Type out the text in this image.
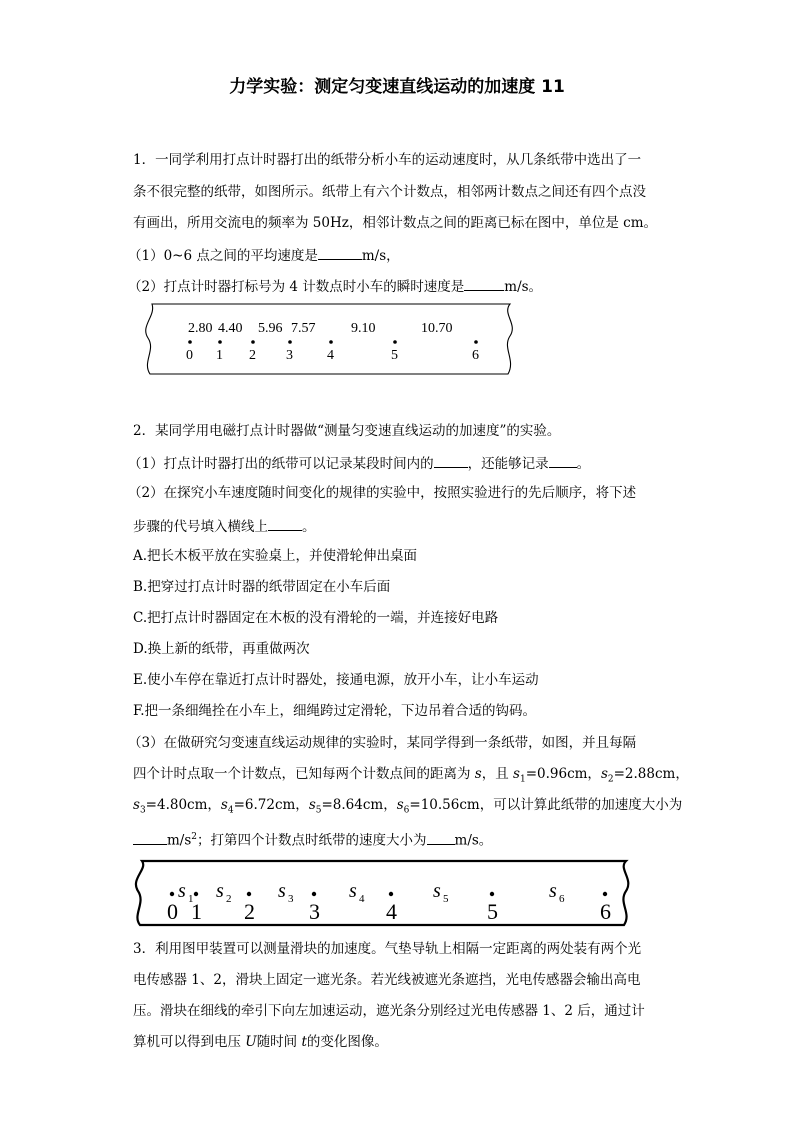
力学实验：测定匀变速直线运动的加速度 11
1．一同学利用打点计时器打出的纸带分析小车的运动速度时，从几条纸带中选出了一
条不很完整的纸带，如图所示。纸带上有六个计数点，相邻两计数点之间还有四个点没
有画出，所用交流电的频率为 50Hz，相邻计数点之间的距离已标在图中，单位是 cm。
（1）0~6 点之间的平均速度是	m/s，
（2）打点计时器打标号为 4 计数点时小车的瞬时速度是	m/s。
2.80 4.40 5.96 7.57	9.10	10.70
0 1 2 3 4	5	6
2．某同学用电磁打点计时器做“测量匀变速直线运动的加速度”的实验。
（1）打点计时器打出的纸带可以记录某段时间内的	，还能够记录 。
（2）在探究小车速度随时间变化的规律的实验中，按照实验进行的先后顺序，将下述
步骤的代号填入横线上	。
A.把长木板平放在实验桌上，并使滑轮伸出桌面
B.把穿过打点计时器的纸带固定在小车后面
C.把打点计时器固定在木板的没有滑轮的一端，并连接好电路
D.换上新的纸带，再重做两次
E.使小车停在靠近打点计时器处，接通电源，放开小车，让小车运动
F.把一条细绳拴在小车上，细绳跨过定滑轮，下边吊着合适的钩码。
（3）在做研究匀变速直线运动规律的实验时，某同学得到一条纸带，如图，并且每隔
四个计时点取一个计数点，已知每两个计数点间的距离为 s，且 $s_1=0.96cm$，$s_2=2.88cm$，
$s_3=4.80cm$，$s_4=6.72cm$，$s_5=8.64cm$，$s_6=10.56cm$，可以计算此纸带的加速度大小为
$m/s^2$；打第四个计数点时纸带的速度大小为 m/s。
0 1 2 3	4	5	6
s 1 s 2 s 3	s 4	s 5	s 6
3．利用图甲装置可以测量滑块的加速度。气垫导轨上相隔一定距离的两处装有两个光
电传感器 1、2，滑块上固定一遮光条。若光线被遮光条遮挡，光电传感器会输出高电
压。滑块在细线的牵引下向左加速运动，遮光条分别经过光电传感器 1、2 后，通过计
算机可以得到电压 U随时间 t的变化图像。
